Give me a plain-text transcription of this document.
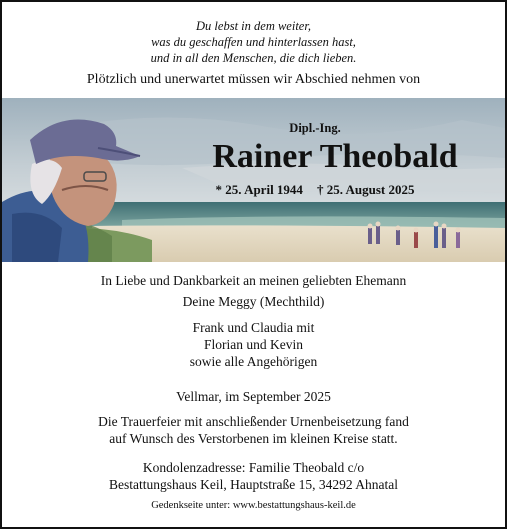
Du lebst in dem weiter,
was du geschaffen und hinterlassen hast,
und in all den Menschen, die dich lieben.
Plötzlich und unerwartet müssen wir Abschied nehmen von
Dipl.-Ing.
Rainer Theobald
* 25. April 1944 † 25. August 2025
In Liebe und Dankbarkeit an meinen geliebten Ehemann
Deine Meggy (Mechthild)
Frank und Claudia mit
Florian und Kevin
sowie alle Angehörigen
Vellmar, im September 2025
Die Trauerfeier mit anschließender Urnenbeisetzung fand
auf Wunsch des Verstorbenen im kleinen Kreise statt.
Kondolenzadresse: Familie Theobald c/o
Bestattungshaus Keil, Hauptstraße 15, 34292 Ahnatal
Gedenkseite unter: www.bestattungshaus-keil.de
